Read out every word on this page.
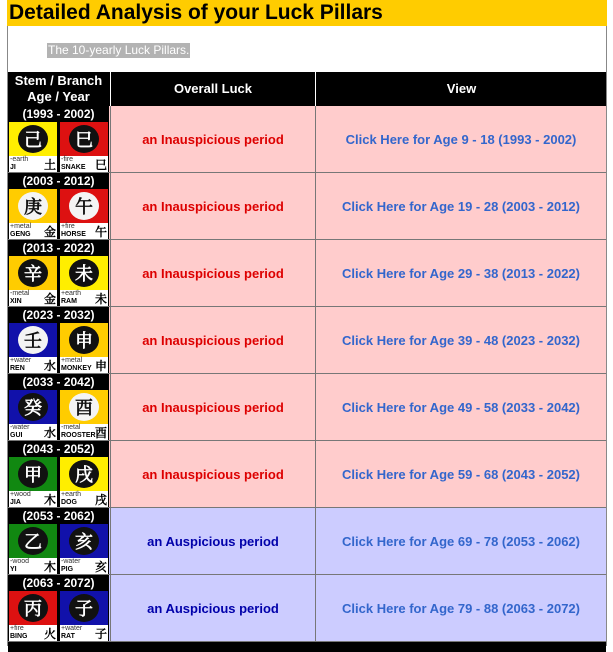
Detailed Analysis of your Luck Pillars
The 10-yearly Luck Pillars.
Stem / Branch
Age / Year
Overall Luck	View
(1993 - 2002)
己
-earth
JI 土
巳
-fire
SNAKE 巳
an Inauspicious period	Click Here for Age 9 - 18 (1993 - 2002)
(2003 - 2012)
庚
+metal
GENG 金
午
+fire
HORSE 午
an Inauspicious period	Click Here for Age 19 - 28 (2003 - 2012)
(2013 - 2022)
辛
-metal
XIN 金
未
+earth
RAM 未
an Inauspicious period	Click Here for Age 29 - 38 (2013 - 2022)
(2023 - 2032)
壬
+water
REN 水
申
+metal
MONKEY 申
an Inauspicious period	Click Here for Age 39 - 48 (2023 - 2032)
(2033 - 2042)
癸
-water
GUI 水
酉
-metal
ROOSTER 酉
an Inauspicious period	Click Here for Age 49 - 58 (2033 - 2042)
(2043 - 2052)
甲
+wood
JIA 木
戌
+earth
DOG 戌
an Inauspicious period	Click Here for Age 59 - 68 (2043 - 2052)
(2053 - 2062)
乙
-wood
YI 木
亥
-water
PIG 亥
an Auspicious period	Click Here for Age 69 - 78 (2053 - 2062)
(2063 - 2072)
丙
+fire
BING 火
子
+water
RAT 子
an Auspicious period	Click Here for Age 79 - 88 (2063 - 2072)
